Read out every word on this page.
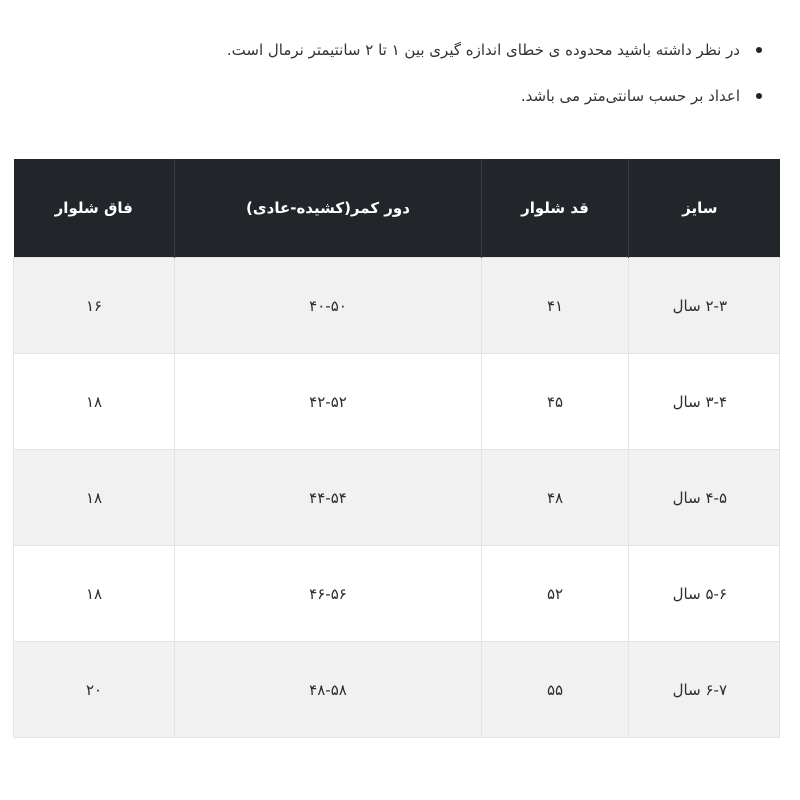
در نظر داشته باشید محدوده ی خطای اندازه گیری بین ۱ تا ۲ سانتیمتر نرمال است.
اعداد بر حسب سانتی‌متر می باشد.
سایز	قد شلوار	دور کمر(کشیده-عادی)	فاق شلوار
۲-۳ سال	۴۱	۴۰-۵۰	۱۶
۳-۴ سال	۴۵	۴۲-۵۲	۱۸
۴-۵ سال	۴۸	۴۴-۵۴	۱۸
۵-۶ سال	۵۲	۴۶-۵۶	۱۸
۶-۷ سال	۵۵	۴۸-۵۸	۲۰
